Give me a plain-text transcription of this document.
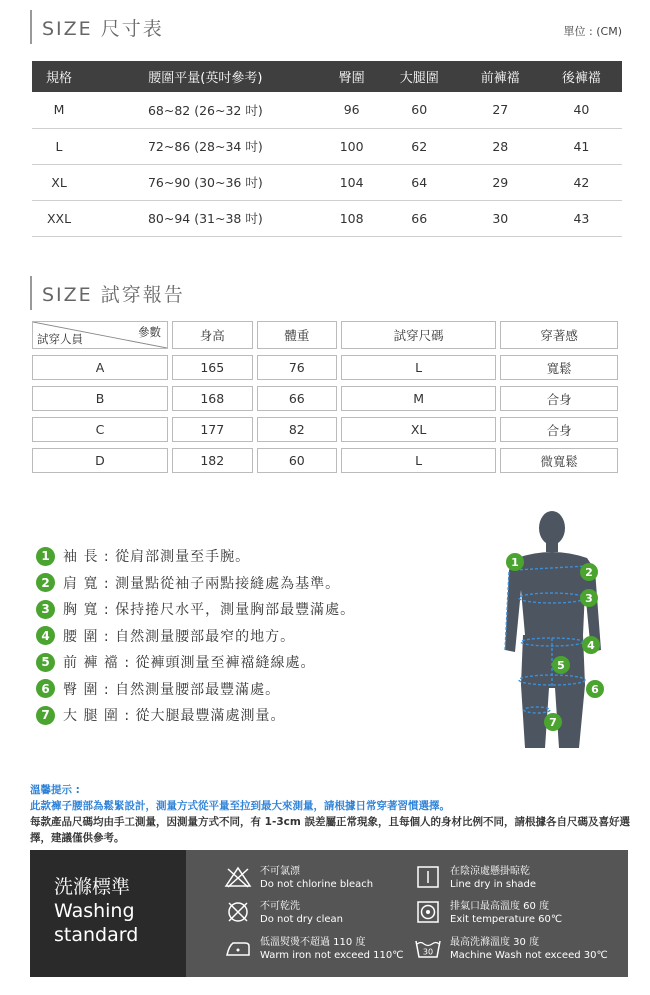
SIZE 尺寸表	單位 : (CM)
規格	腰圍平量(英吋參考)	臀圍	大腿圍	前褲襠	後褲襠
M	68~82 (26~32 吋)	96	60	27	40
L	72~86 (28~34 吋)	100	62	28	41
XL	76~90 (30~36 吋)	104	64	29	42
XXL	80~94 (31~38 吋)	108	66	30	43
SIZE 試穿報告
參數
試穿人員	身高	體重	試穿尺碼	穿著感

A	165	76	L	寬鬆

B	168	66	M	合身

C	177	82	XL	合身

D	182	60	L	微寬鬆
1 袖 長 : 從肩部測量至手腕。
2 肩 寬 : 測量點從袖子兩點接縫處為基準。
3 胸 寬 : 保持捲尺水平，測量胸部最豐滿處。
4 腰 圍 : 自然測量腰部最窄的地方。
5 前 褲 襠 : 從褲頭測量至褲襠縫線處。
6 臀 圍 : 自然測量腰部最豐滿處。
7 大 腿 圍 : 從大腿最豐滿處測量。
1
2
3
4
5
6
7
溫馨提示 :
此款褲子腰部為鬆緊設計，測量方式從平量至拉到最大來測量，請根據日常穿著習慣選擇。
每款產品尺碼均由手工測量，因測量方式不同，有 1-3cm 誤差屬正常現象，且每個人的身材比例不同，請根據各自尺碼及喜好選擇，建議僅供參考。
洗滌標準
Washing
standard
不可氯漂
Do not chlorine bleach
在陰涼處懸掛晾乾
Line dry in shade
不可乾洗
Do not dry clean
排氣口最高溫度 60 度
Exit temperature 60℃
低溫熨燙不超過 110 度
Warm iron not exceed 110℃ 30
最高洗滌溫度 30 度
Machine Wash not exceed 30℃
